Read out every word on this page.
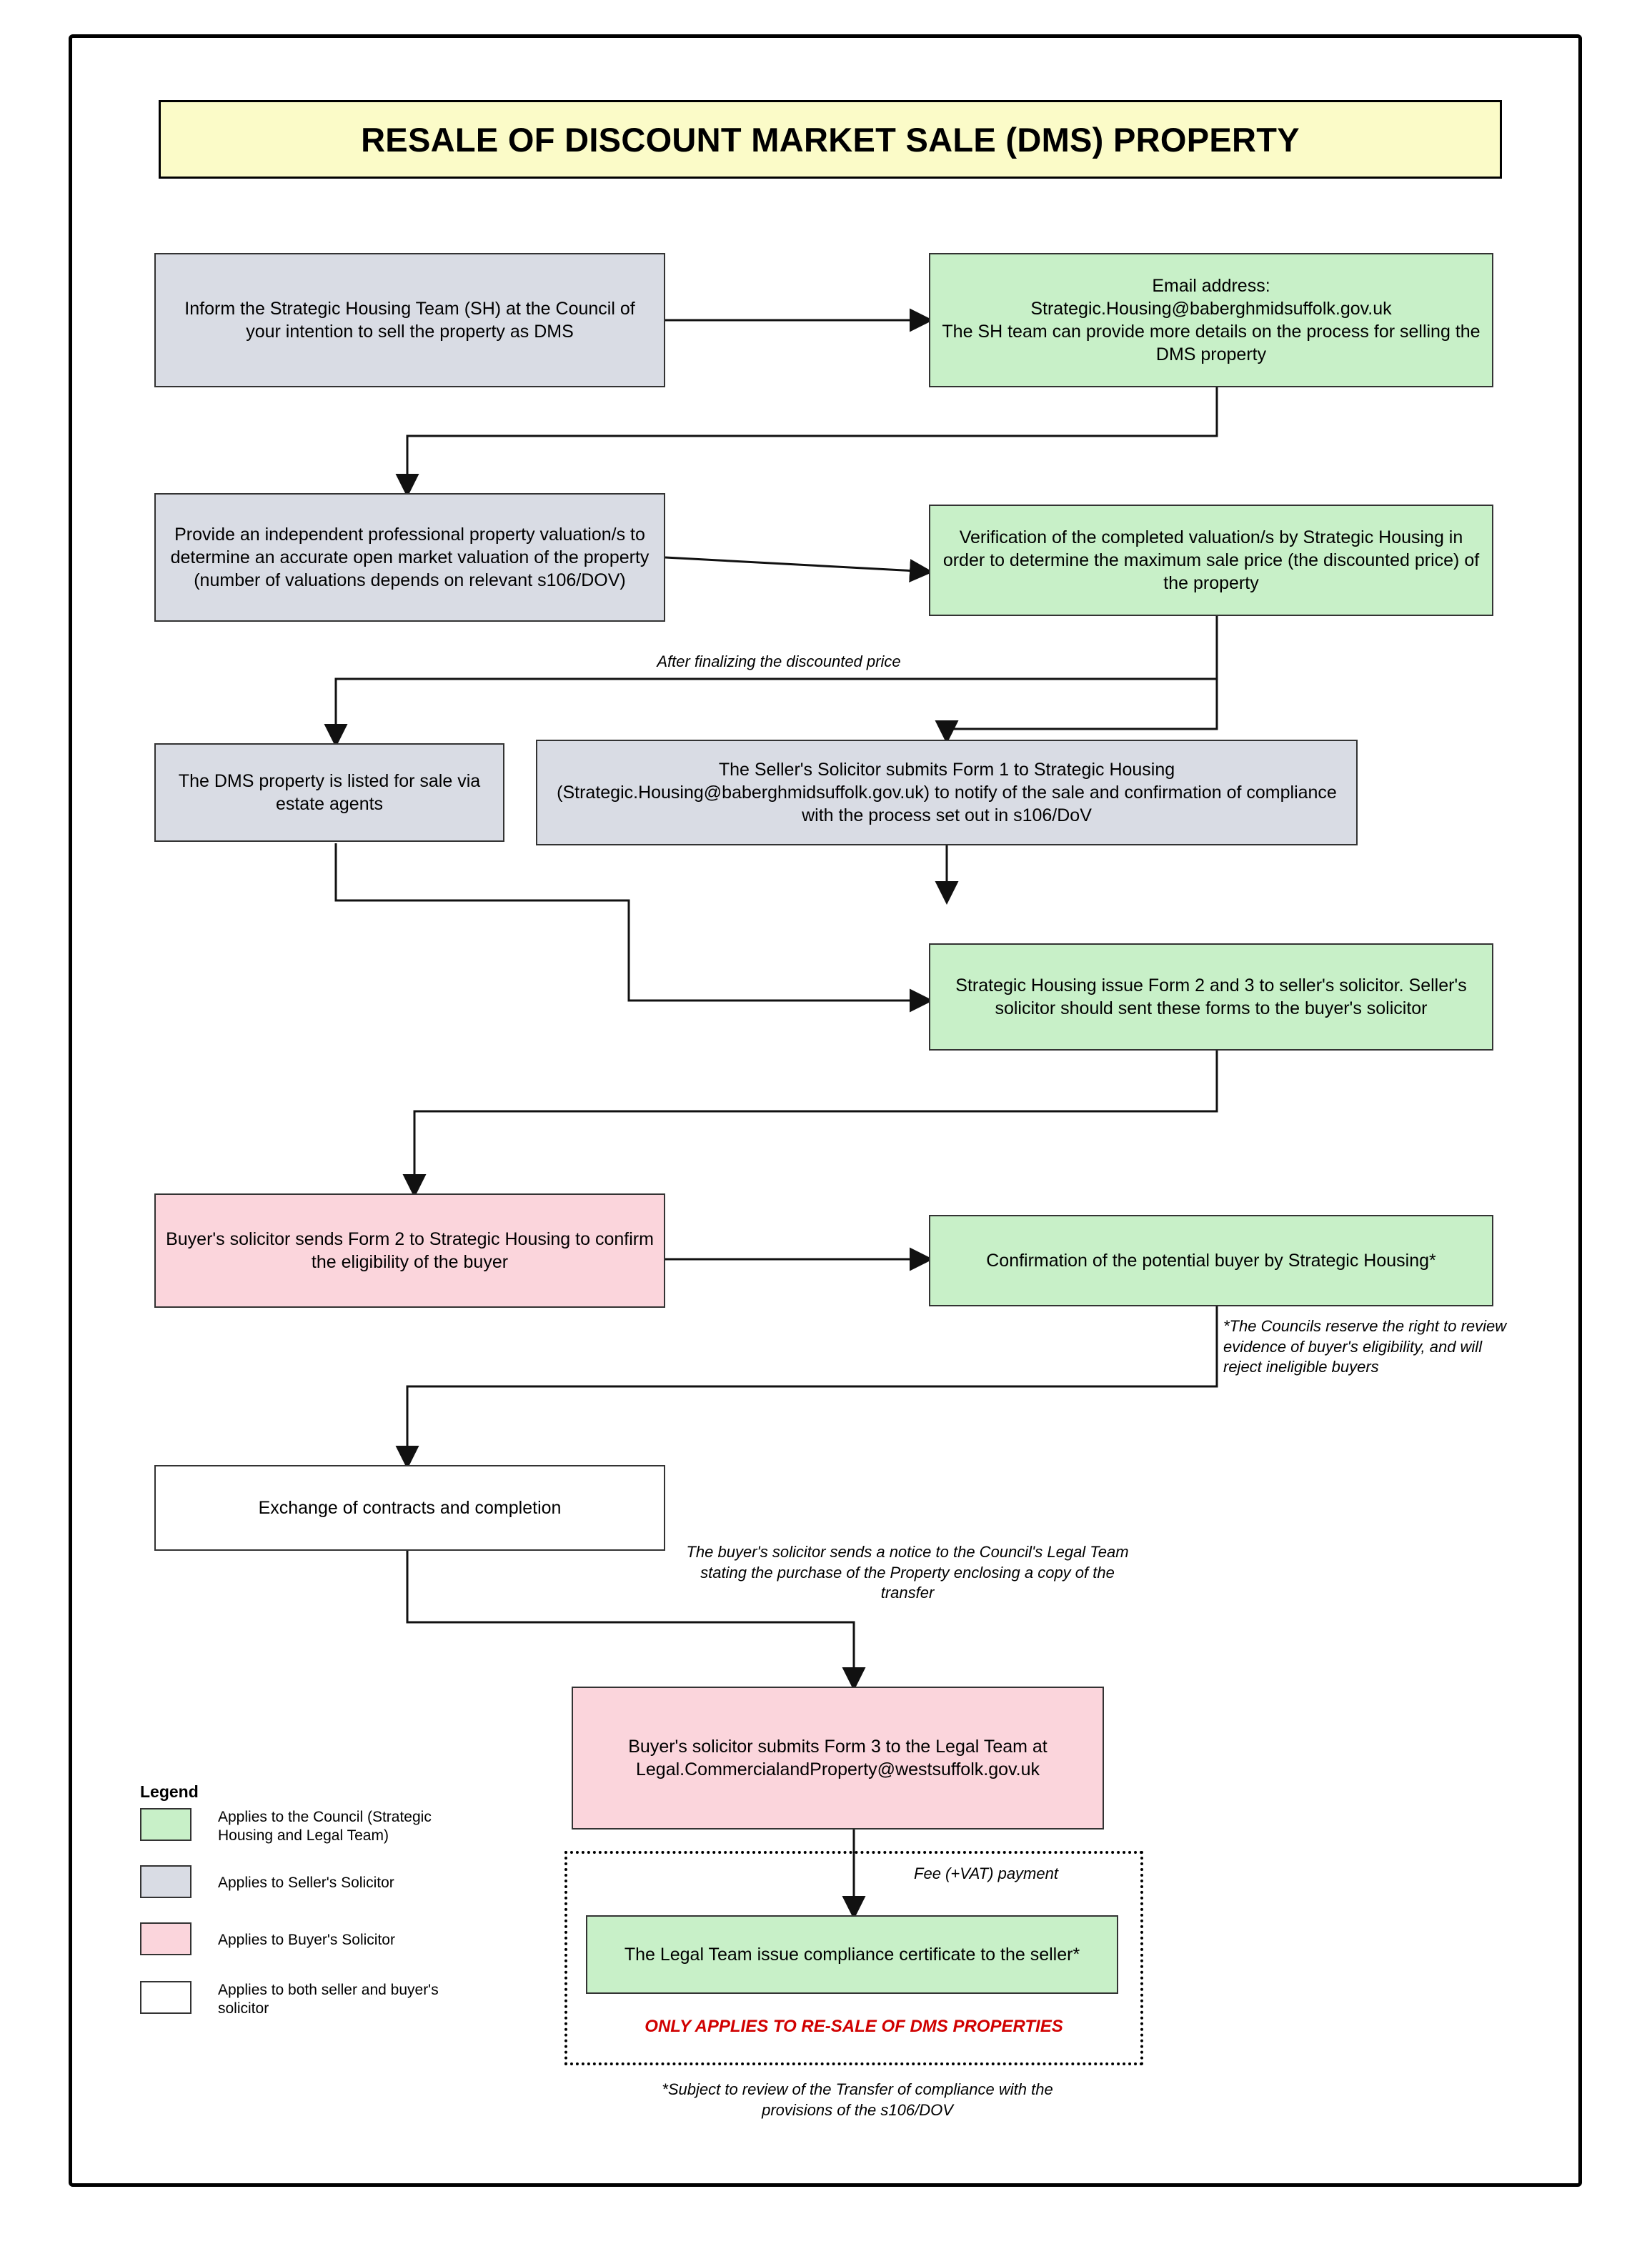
RESALE OF DISCOUNT MARKET SALE (DMS) PROPERTY
Inform the Strategic Housing Team (SH) at the Council of your intention to sell the property as DMS
Email address:
Strategic.Housing@baberghmidsuffolk.gov.uk
The SH team can provide more details on the process for selling the DMS property
Provide an independent professional property valuation/s to determine an accurate open market valuation of the property (number of valuations depends on relevant s106/DOV)
Verification of the completed valuation/s by Strategic Housing in order to determine the maximum sale price (the discounted price) of the property
After finalizing the discounted price
The DMS property is listed for sale via estate agents
The Seller's Solicitor submits Form 1 to Strategic Housing (Strategic.Housing@baberghmidsuffolk.gov.uk) to notify of the sale and confirmation of compliance with the process set out in s106/DoV
Strategic Housing issue Form 2 and 3 to seller's solicitor. Seller's solicitor should sent these forms to the buyer's solicitor
Buyer's solicitor sends Form 2 to Strategic Housing to confirm the eligibility of the buyer	Confirmation of the potential buyer by Strategic Housing*
*The Councils reserve the right to review evidence of buyer's eligibility, and will reject ineligible buyers
Exchange of contracts and completion
The buyer's solicitor sends a notice to the Council's Legal Team stating the purchase of the Property enclosing a copy of the transfer
Buyer's solicitor submits Form 3 to the Legal Team at Legal.CommercialandProperty@westsuffolk.gov.uk
Fee (+VAT) payment
The Legal Team issue compliance certificate to the seller*
ONLY APPLIES TO RE-SALE OF DMS PROPERTIES
*Subject to review of the Transfer of compliance with the provisions of the s106/DOV
Legend
Applies to the Council (Strategic Housing and Legal Team)
Applies to Seller's Solicitor
Applies to Buyer's Solicitor
Applies to both seller and buyer's solicitor
